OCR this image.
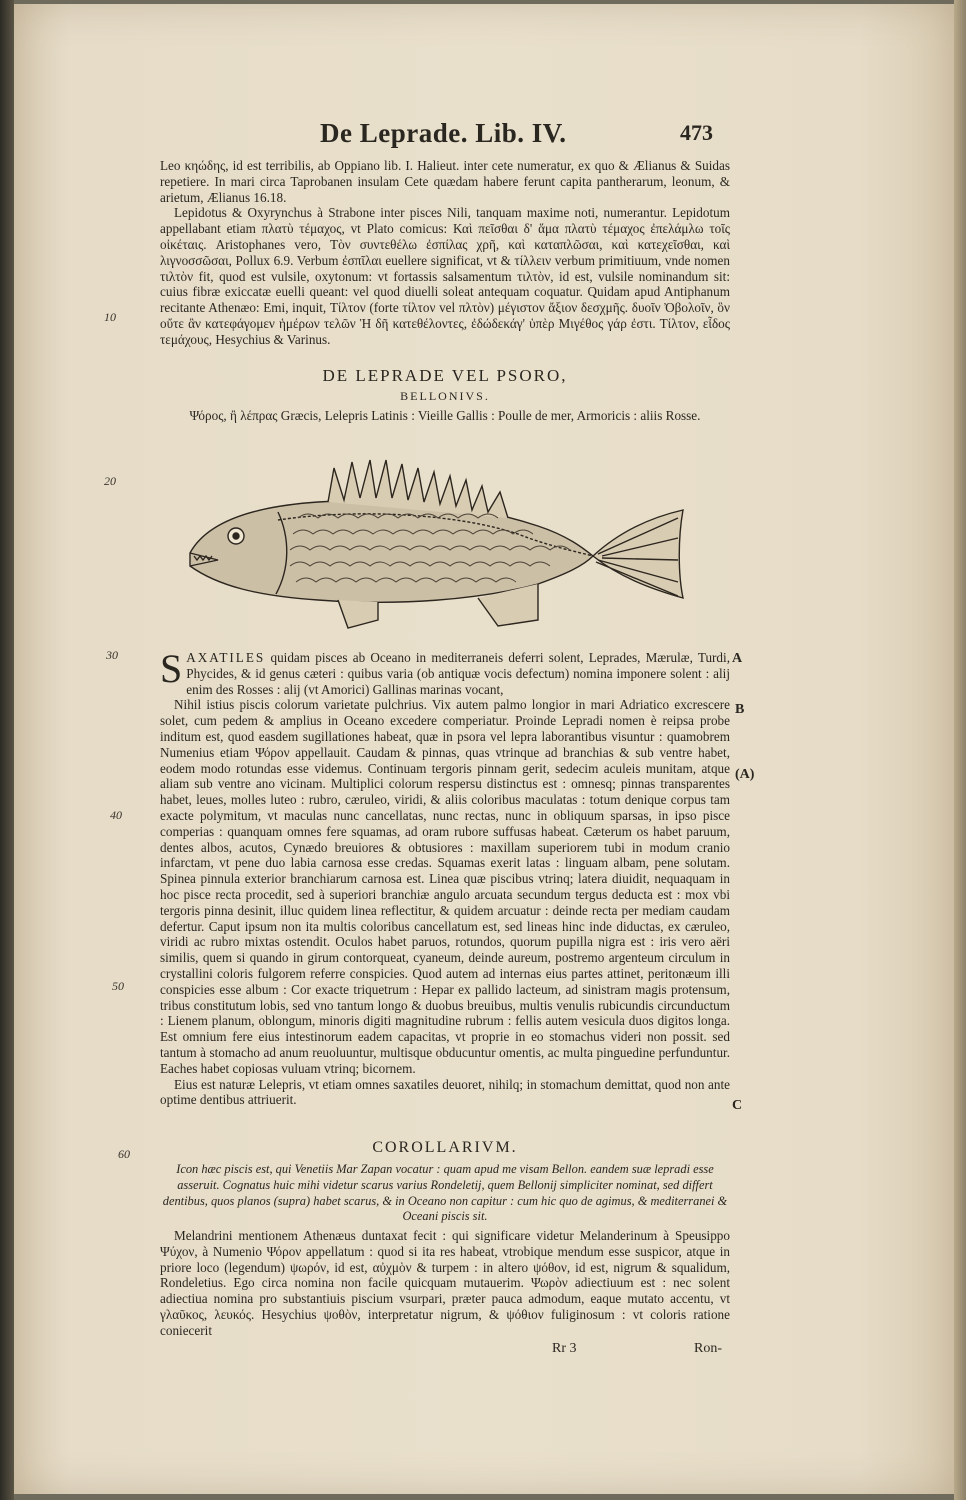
De Leprade. Lib. IV.	473

Leo κηώδης, id est terribilis, ab Oppiano lib. I. Halieut. inter cete numeratur, ex quo & Ælianus & Suidas repetiere. In mari circa Taprobanen insulam Cete quædam habere ferunt capita pantherarum, leonum, & arietum, Ælianus 16.18.

Lepidotus & Oxyrynchus à Strabone inter pisces Nili, tanquam maxime noti, numerantur. Lepidotum appellabant etiam πλατὺ τέμαχος, vt Plato comicus: Καὶ πεῖσθαι δ' ἅμα πλατὺ τέμαχος ἐπελάμλω τοῖς οἰκέταις. Aristophanes vero, Τὸν συντεθέλω ἐσπίλας χρῆ, καὶ καταπλῶσαι, καὶ κατεχεῖσθαι, καὶ λιγνοσσῶσαι, Pollux 6.9. Verbum ἐσπῖλαι euellere significat, vt & τίλλειν verbum primitiuum, vnde nomen τιλτὸν fit, quod est vulsile, oxytonum: vt fortassis salsamentum τιλτὸν, id est, vulsile nominandum sit: cuius fibræ exiccatæ euelli queant: vel quod diuelli soleat antequam coquatur. Quidam apud Antiphanum recitante Athenæo: Emi, inquit, Τίλτον (forte τίλτον vel πλτὸν) μέγιστον ἄξιον δεσχμῆς. δυοῖν Ὀβολοῖν, ὃν οὔτε ἂν κατεφάγομεν ἡμέρων τελῶν Ἡ δῆ κατεθέλοντες, ἐδώδεκάγ' ὑπὲρ Μιγέθος γάρ ἐστι. Τίλτον, εἶδος τεμάχους, Hesychius & Varinus.

DE LEPRADE VEL PSORO,
BELLONIVS.
Ψόρος, ἢ λέπρας Græcis, Lelepris Latinis : Vieille Gallis : Poulle de mer, Armoricis : aliis Rosse.

SAXATILES quidam pisces ab Oceano in mediterraneis deferri solent, Leprades, Mærulæ, Turdi, Phycides, & id genus cæteri : quibus varia (ob antiquæ vocis defectum) nomina imponere solent : alij enim des Rosses : alij (vt Amorici) Gallinas marinas vocant,

Nihil istius piscis colorum varietate pulchrius. Vix autem palmo longior in mari Adriatico excrescere solet, cum pedem & amplius in Oceano excedere comperiatur. Proinde Lepradi nomen è reipsa probe inditum est, quod easdem sugillationes habeat, quæ in psora vel lepra laborantibus visuntur : quamobrem Numenius etiam Ψόρον appellauit. Caudam & pinnas, quas vtrinque ad branchias & sub ventre habet, eodem modo rotundas esse videmus. Continuam tergoris pinnam gerit, sedecim aculeis munitam, atque aliam sub ventre ano vicinam. Multiplici colorum respersu distinctus est : omnesq; pinnas transparentes habet, leues, molles luteo : rubro, cæruleo, viridi, & aliis coloribus maculatas : totum denique corpus tam exacte polymitum, vt maculas nunc cancellatas, nunc rectas, nunc in obliquum sparsas, in ipso pisce comperias : quanquam omnes fere squamas, ad oram rubore suffusas habeat. Cæterum os habet paruum, dentes albos, acutos, Cynædo breuiores & obtusiores : maxillam superiorem tubi in modum cranio infarctam, vt pene duo labia carnosa esse credas. Squamas exerit latas : linguam albam, pene solutam. Spinea pinnula exterior branchiarum carnosa est. Linea quæ piscibus vtrinq; latera diuidit, nequaquam in hoc pisce recta procedit, sed à superiori branchiæ angulo arcuata secundum tergus deducta est : mox vbi tergoris pinna desinit, illuc quidem linea reflectitur, & quidem arcuatur : deinde recta per mediam caudam defertur. Caput ipsum non ita multis coloribus cancellatum est, sed lineas hinc inde diductas, ex cæruleo, viridi ac rubro mixtas ostendit. Oculos habet paruos, rotundos, quorum pupilla nigra est : iris vero aëri similis, quem si quando in girum contorqueat, cyaneum, deinde aureum, postremo argenteum circulum in crystallini coloris fulgorem referre conspicies. Quod autem ad internas eius partes attinet, peritonæum illi conspicies esse album : Cor exacte triquetrum : Hepar ex pallido lacteum, ad sinistram magis protensum, tribus constitutum lobis, sed vno tantum longo & duobus breuibus, multis venulis rubicundis circunductum : Lienem planum, oblongum, minoris digiti magnitudine rubrum : fellis autem vesicula duos digitos longa. Est omnium fere eius intestinorum eadem capacitas, vt proprie in eo stomachus videri non possit. sed tantum à stomacho ad anum reuoluuntur, multisque obducuntur omentis, ac multa pinguedine perfunduntur. Eaches habet copiosas vuluam vtrinq; bicornem.

Eius est naturæ Lelepris, vt etiam omnes saxatiles deuoret, nihilq; in stomachum demittat, quod non ante optime dentibus attriuerit.

COROLLARIVM.
Icon hæc piscis est, qui Venetiis Mar Zapan vocatur : quam apud me visam Bellon. eandem suæ lepradi esse asseruit. Cognatus huic mihi videtur scarus varius Rondeletij, quem Bellonij simpliciter nominat, sed differt dentibus, quos planos (supra) habet scarus, & in Oceano non capitur : cum hic quo de agimus, & mediterranei & Oceani piscis sit.

Melandrini mentionem Athenæus duntaxat fecit : qui significare videtur Melanderinum à Speusippo Ψύχον, à Numenio Ψόρον appellatum : quod si ita res habeat, vtrobique mendum esse suspicor, atque in priore loco (legendum) ψωρόν, id est, αὐχμὸν & turpem : in altero ψόθον, id est, nigrum & squalidum, Rondeletius. Ego circa nomina non facile quicquam mutauerim. Ψωρὸν adiectiuum est : nec solent adiectiua nomina pro substantiuis piscium vsurpari, præter pauca admodum, eaque mutato accentu, vt γλαῦκος, λευκός. Hesychius ψοθὸν, interpretatur nigrum, & ψόθιον fuliginosum : vt coloris ratione coniecerit

Rr 3	Ron-
10
20
30
40
50
60
A
B
(A)
C
